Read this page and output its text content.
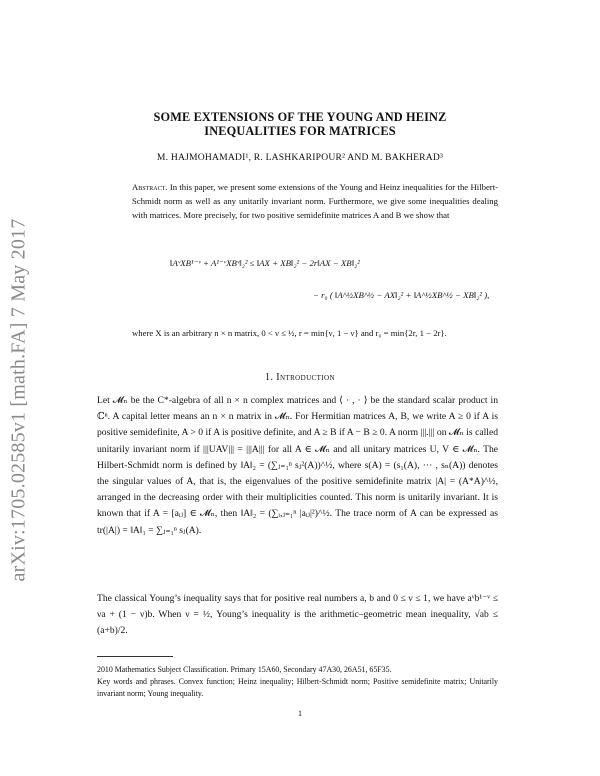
arXiv:1705.02585v1 [math.FA] 7 May 2017
SOME EXTENSIONS OF THE YOUNG AND HEINZ
INEQUALITIES FOR MATRICES
M. HAJMOHAMADI¹, R. LASHKARIPOUR² AND M. BAKHERAD³
Abstract. In this paper, we present some extensions of the Young and Heinz inequalities for the Hilbert-Schmidt norm as well as any unitarily invariant norm. Furthermore, we give some inequalities dealing with matrices. More precisely, for two positive semidefinite matrices A and B we show that
‖AᵛXB¹⁻ᵛ + A¹⁻ᵛXBᵛ‖₂² ≤ ‖AX + XB‖₂² − 2r‖AX − XB‖₂²
− r₀ ( ‖A^½XB^½ − AX‖₂² + ‖A^½XB^½ − XB‖₂² ),
where X is an arbitrary n × n matrix, 0 < ν ≤ ½, r = min{ν, 1 − ν} and r₀ = min{2r, 1 − 2r}.
1. Introduction
Let 𝓜ₙ be the C*-algebra of all n × n complex matrices and ⟨ · , · ⟩ be the standard scalar product in ℂⁿ. A capital letter means an n × n matrix in 𝓜ₙ. For Hermitian matrices A, B, we write A ≥ 0 if A is positive semidefinite, A > 0 if A is positive definite, and A ≥ B if A − B ≥ 0. A norm |||.||| on 𝓜ₙ is called unitarily invariant norm if |||UAV||| = |||A||| for all A ∈ 𝓜ₙ and all unitary matrices U, V ∈ 𝓜ₙ. The Hilbert-Schmidt norm is defined by ‖A‖₂ = (∑ⱼ₌₁ⁿ sⱼ²(A))^½, where s(A) = (s₁(A), ··· , sₙ(A)) denotes the singular values of A, that is, the eigenvalues of the positive semidefinite matrix |A| = (A*A)^½, arranged in the decreasing order with their multiplicities counted. This norm is unitarily invariant. It is known that if A = [aᵢⱼ] ∈ 𝓜ₙ, then ‖A‖₂ = (∑ᵢ,ⱼ₌₁ⁿ |aᵢⱼ|²)^½. The trace norm of A can be expressed as tr(|A|) = ‖A‖₁ = ∑ⱼ₌₁ⁿ sⱼ(A).
The classical Young’s inequality says that for positive real numbers a, b and 0 ≤ ν ≤ 1, we have aᵛb¹⁻ᵛ ≤ νa + (1 − ν)b. When ν = ½, Young’s inequality is the arithmetic–geometric mean inequality, √ab ≤ (a+b)/2.
2010 Mathematics Subject Classification. Primary 15A60, Secondary 47A30, 26A51, 65F35.
Key words and phrases. Convex function; Heinz inequality; Hilbert-Schmidt norm; Positive semidefinite matrix; Unitarily invariant norm; Young inequality.
1
